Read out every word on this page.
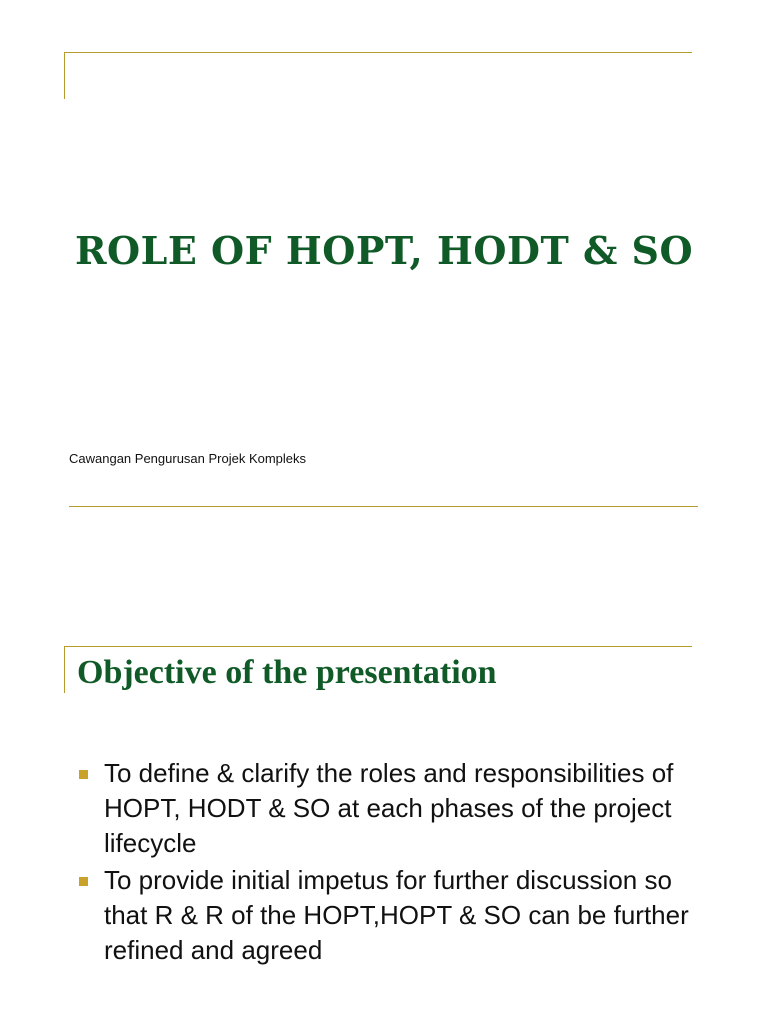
ROLE OF HOPT, HODT & SO

Cawangan Pengurusan Projek Kompleks

Objective of the presentation
To define & clarify the roles and responsibilities of HOPT, HODT & SO at each phases of the project lifecycle
To provide initial impetus for further discussion so that R & R of the HOPT,HOPT & SO can be further refined and agreed
